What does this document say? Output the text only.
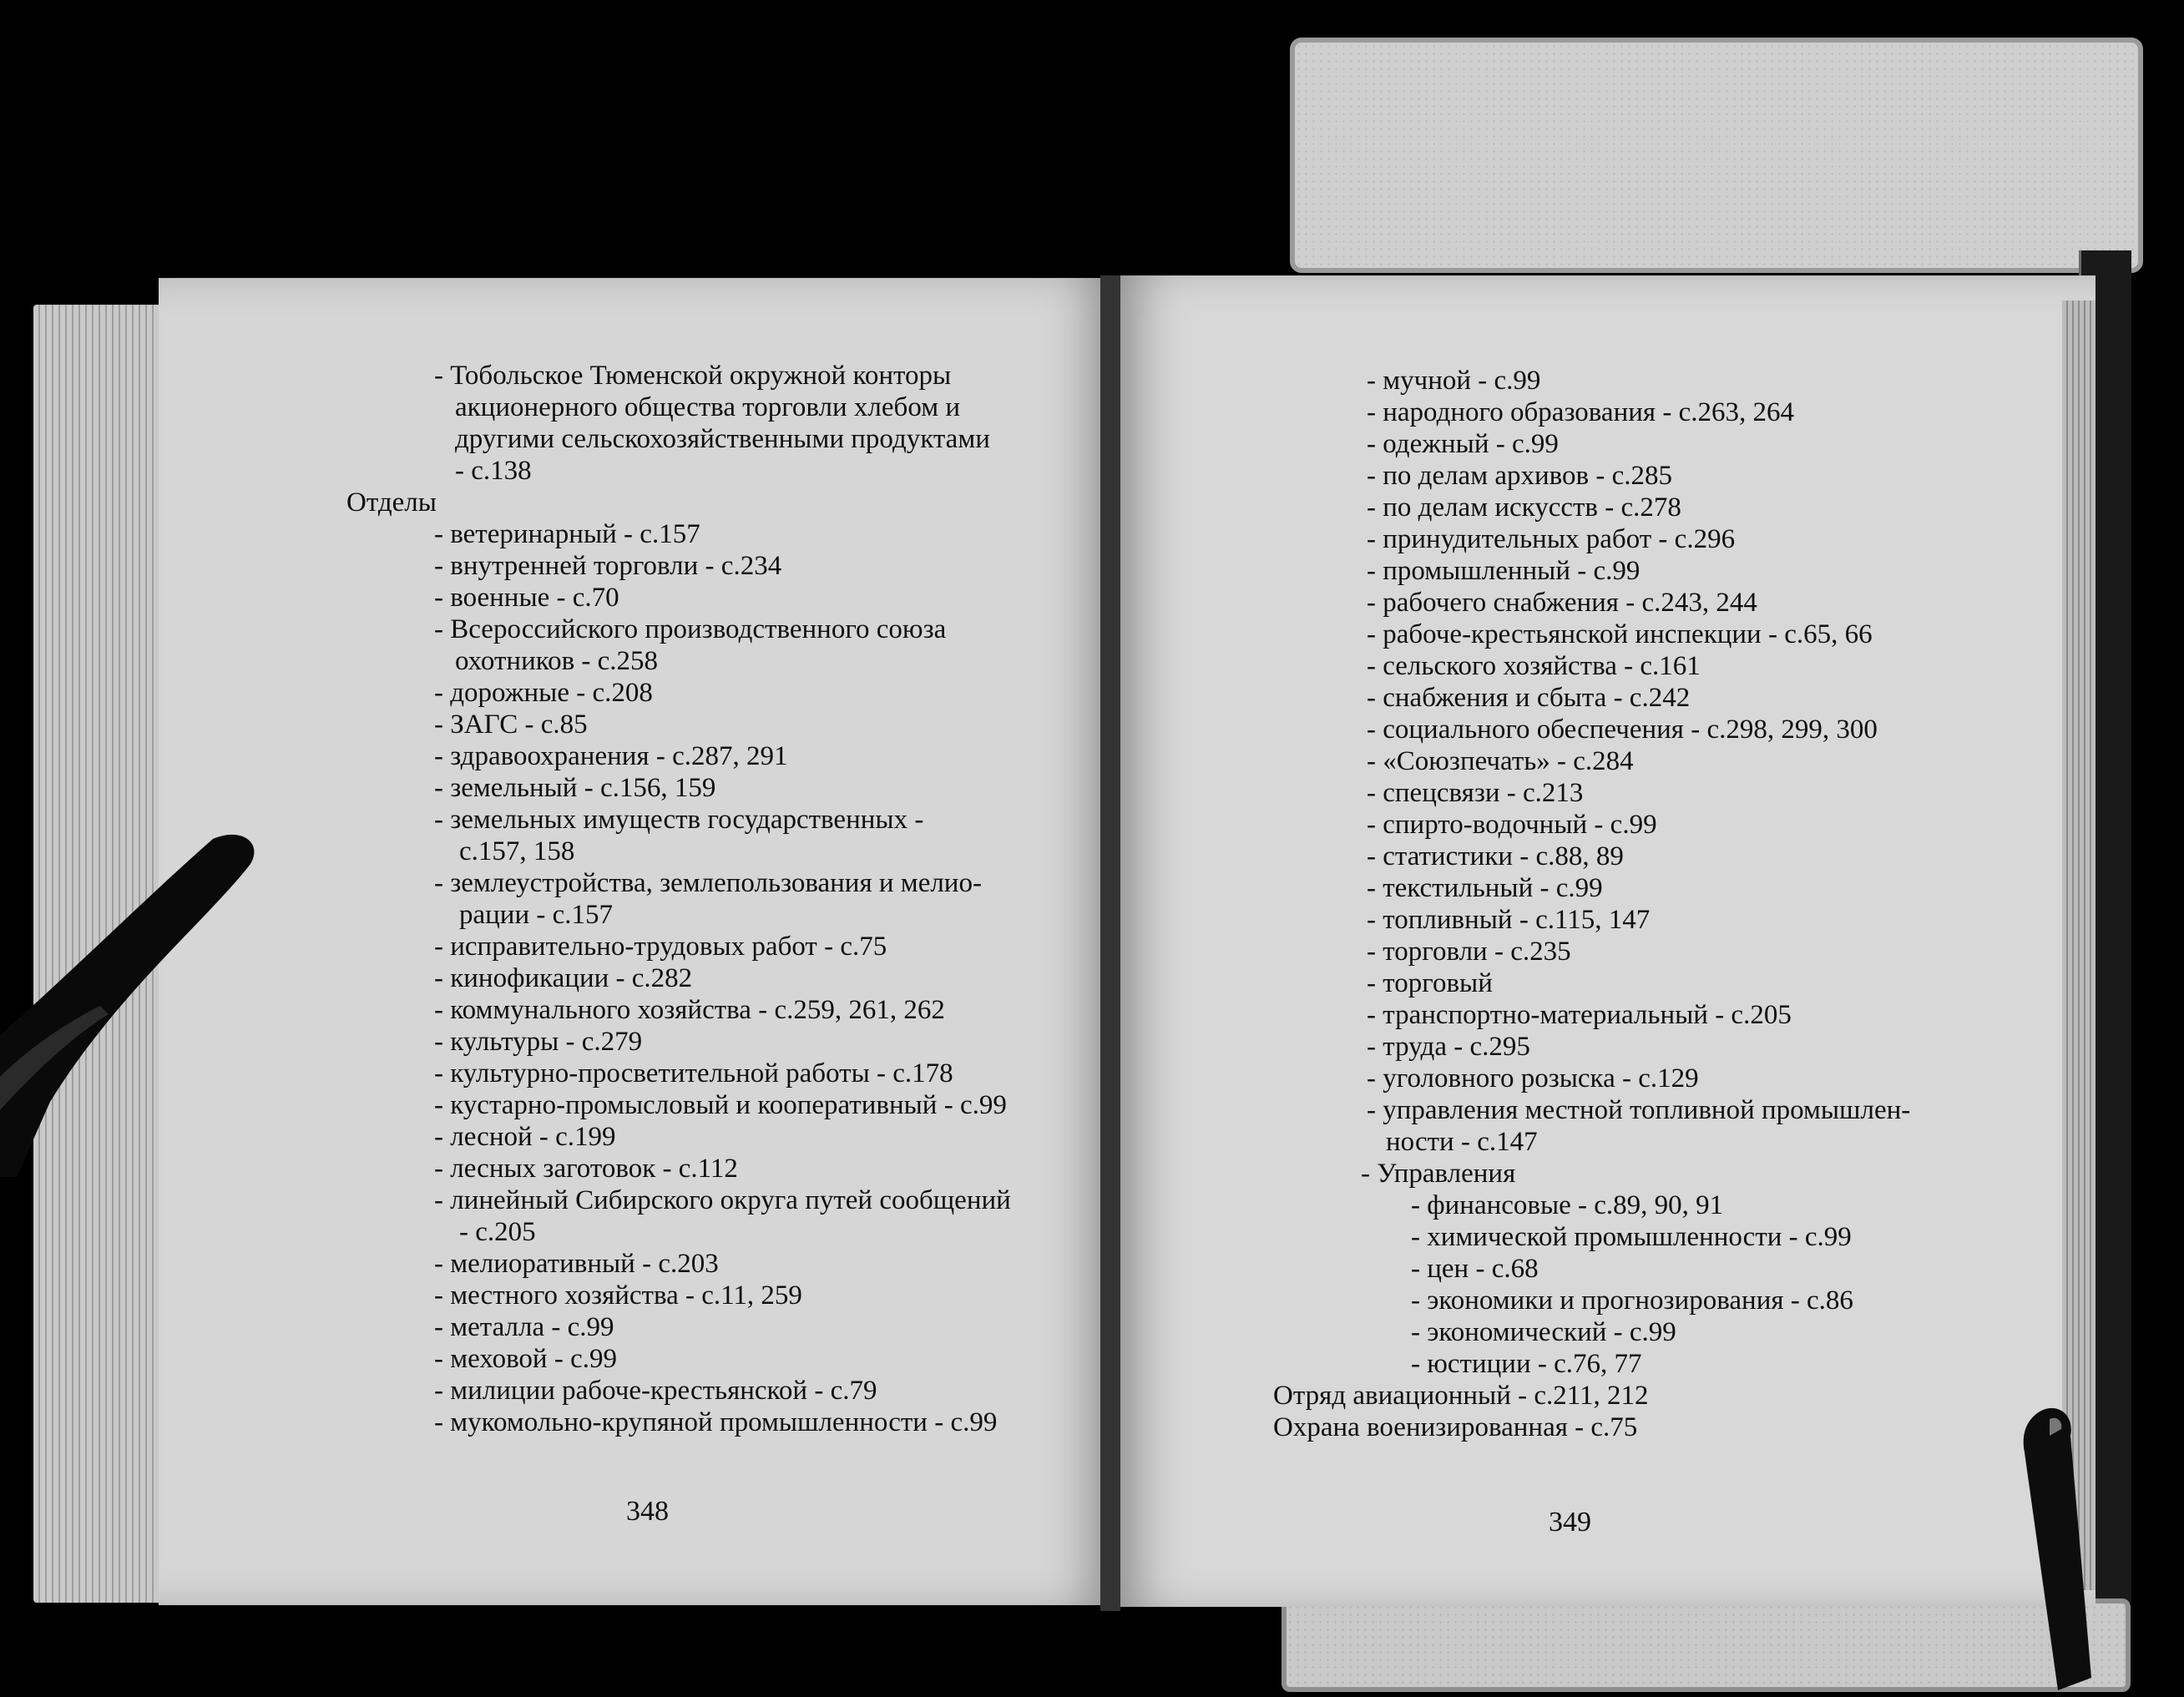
- Тобольское Тюменской окружной конторы
акционерного общества торговли хлебом и
другими сельскохозяйственными продуктами
- с.138
Отделы
- ветеринарный - с.157
- внутренней торговли - с.234
- военные - с.70
- Всероссийского производственного союза
охотников - с.258
- дорожные - с.208
- ЗАГС - с.85
- здравоохранения - с.287, 291
- земельный - с.156, 159
- земельных имуществ государственных -
с.157, 158
- землеустройства, землепользования и мелио-
рации - с.157
- исправительно-трудовых работ - с.75
- кинофикации - с.282
- коммунального хозяйства - с.259, 261, 262
- культуры - с.279
- культурно-просветительной работы - с.178
- кустарно-промысловый и кооперативный - с.99
- лесной - с.199
- лесных заготовок - с.112
- линейный Сибирского округа путей сообщений
- с.205
- мелиоративный - с.203
- местного хозяйства - с.11, 259
- металла - с.99
- меховой - с.99
- милиции рабоче-крестьянской - с.79
- мукомольно-крупяной промышленности - с.99
348
- мучной - с.99
- народного образования - с.263, 264
- одежный - с.99
- по делам архивов - с.285
- по делам искусств - с.278
- принудительных работ - с.296
- промышленный - с.99
- рабочего снабжения - с.243, 244
- рабоче-крестьянской инспекции - с.65, 66
- сельского хозяйства - с.161
- снабжения и сбыта - с.242
- социального обеспечения - с.298, 299, 300
- «Союзпечать» - с.284
- спецсвязи - с.213
- спирто-водочный - с.99
- статистики - с.88, 89
- текстильный - с.99
- топливный - с.115, 147
- торговли - с.235
- торговый
- транспортно-материальный - с.205
- труда - с.295
- уголовного розыска - с.129
- управления местной топливной промышлен-
ности - с.147
- Управления
- финансовые - с.89, 90, 91
- химической промышленности - с.99
- цен - с.68
- экономики и прогнозирования - с.86
- экономический - с.99
- юстиции - с.76, 77
Отряд авиационный - с.211, 212
Охрана военизированная - с.75
349
